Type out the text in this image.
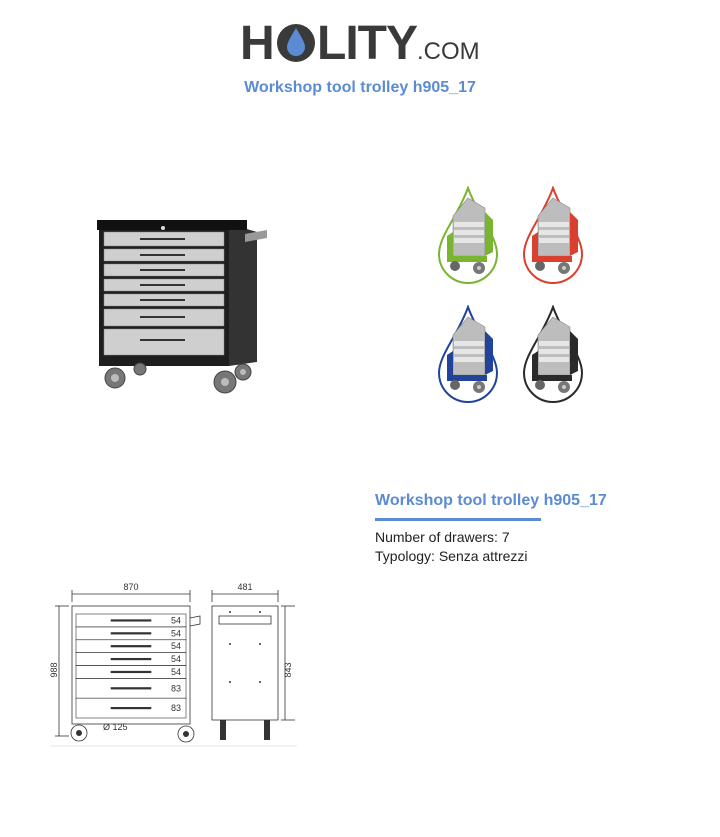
H LITY .COM
Workshop tool trolley h905_17
Workshop tool trolley h905_17
Number of drawers: 7
Typology: Senza attrezzi
870
988
Ø 125
54
54
54
54
54
83
83
481
843
